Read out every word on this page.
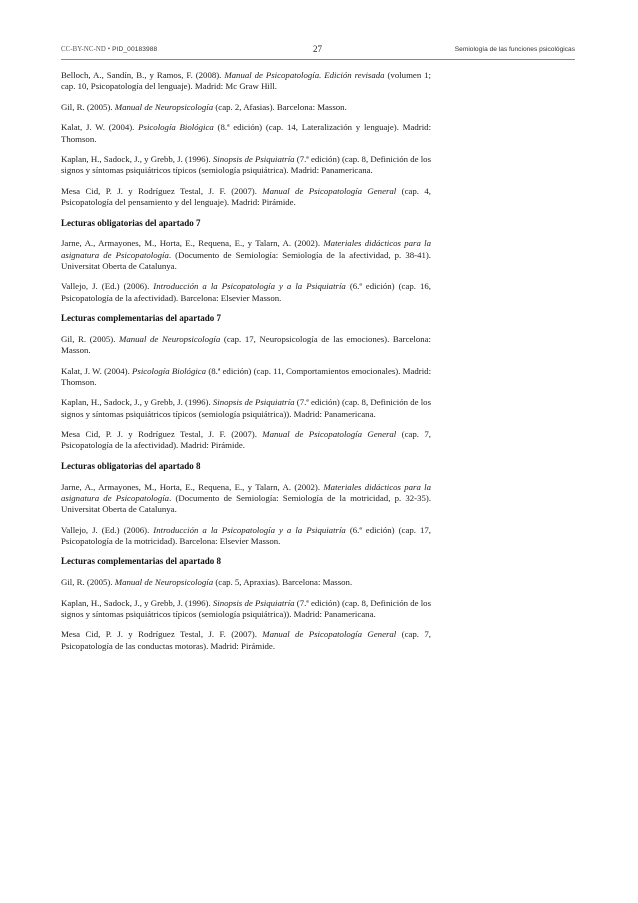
CC-BY-NC-ND • PID_00183988	27	Semiología de las funciones psicológicas
Belloch, A., Sandín, B., y Ramos, F. (2008). Manual de Psicopatología. Edición revisada (volumen 1; cap. 10, Psicopatología del lenguaje). Madrid: Mc Graw Hill.
Gil, R. (2005). Manual de Neuropsicología (cap. 2, Afasias). Barcelona: Masson.
Kalat, J. W. (2004). Psicología Biológica (8.ª edición) (cap. 14, Lateralización y lenguaje). Madrid: Thomson.
Kaplan, H., Sadock, J., y Grebb, J. (1996). Sinopsis de Psiquiatría (7.ª edición) (cap. 8, Definición de los signos y síntomas psiquiátricos típicos (semiología psiquiátrica). Madrid: Panamericana.
Mesa Cid, P. J. y Rodríguez Testal, J. F. (2007). Manual de Psicopatología General (cap. 4, Psicopatología del pensamiento y del lenguaje). Madrid: Pirámide.
Lecturas obligatorias del apartado 7
Jarne, A., Armayones, M., Horta, E., Requena, E., y Talarn, A. (2002). Materiales didácticos para la asignatura de Psicopatología. (Documento de Semiología: Semiología de la afectividad, p. 38-41). Universitat Oberta de Catalunya.
Vallejo, J. (Ed.) (2006). Introducción a la Psicopatología y a la Psiquiatría (6.ª edición) (cap. 16, Psicopatología de la afectividad). Barcelona: Elsevier Masson.
Lecturas complementarias del apartado 7
Gil, R. (2005). Manual de Neuropsicología (cap. 17, Neuropsicología de las emociones). Barcelona: Masson.
Kalat, J. W. (2004). Psicología Biológica (8.ª edición) (cap. 11, Comportamientos emocionales). Madrid: Thomson.
Kaplan, H., Sadock, J., y Grebb, J. (1996). Sinopsis de Psiquiatría (7.ª edición) (cap. 8, Definición de los signos y síntomas psiquiátricos típicos (semiología psiquiátrica)). Madrid: Panamericana.
Mesa Cid, P. J. y Rodríguez Testal, J. F. (2007). Manual de Psicopatología General (cap. 7, Psicopatología de la afectividad). Madrid: Pirámide.
Lecturas obligatorias del apartado 8
Jarne, A., Armayones, M., Horta, E., Requena, E., y Talarn, A. (2002). Materiales didácticos para la asignatura de Psicopatología. (Documento de Semiología: Semiología de la motricidad, p. 32-35). Universitat Oberta de Catalunya.
Vallejo, J. (Ed.) (2006). Introducción a la Psicopatología y a la Psiquiatría (6.ª edición) (cap. 17, Psicopatología de la motricidad). Barcelona: Elsevier Masson.
Lecturas complementarias del apartado 8
Gil, R. (2005). Manual de Neuropsicología (cap. 5, Apraxias). Barcelona: Masson.
Kaplan, H., Sadock, J., y Grebb, J. (1996). Sinopsis de Psiquiatría (7.ª edición) (cap. 8, Definición de los signos y síntomas psiquiátricos típicos (semiología psiquiátrica)). Madrid: Panamericana.
Mesa Cid, P. J. y Rodríguez Testal, J. F. (2007). Manual de Psicopatología General (cap. 7, Psicopatología de las conductas motoras). Madrid: Pirámide.
